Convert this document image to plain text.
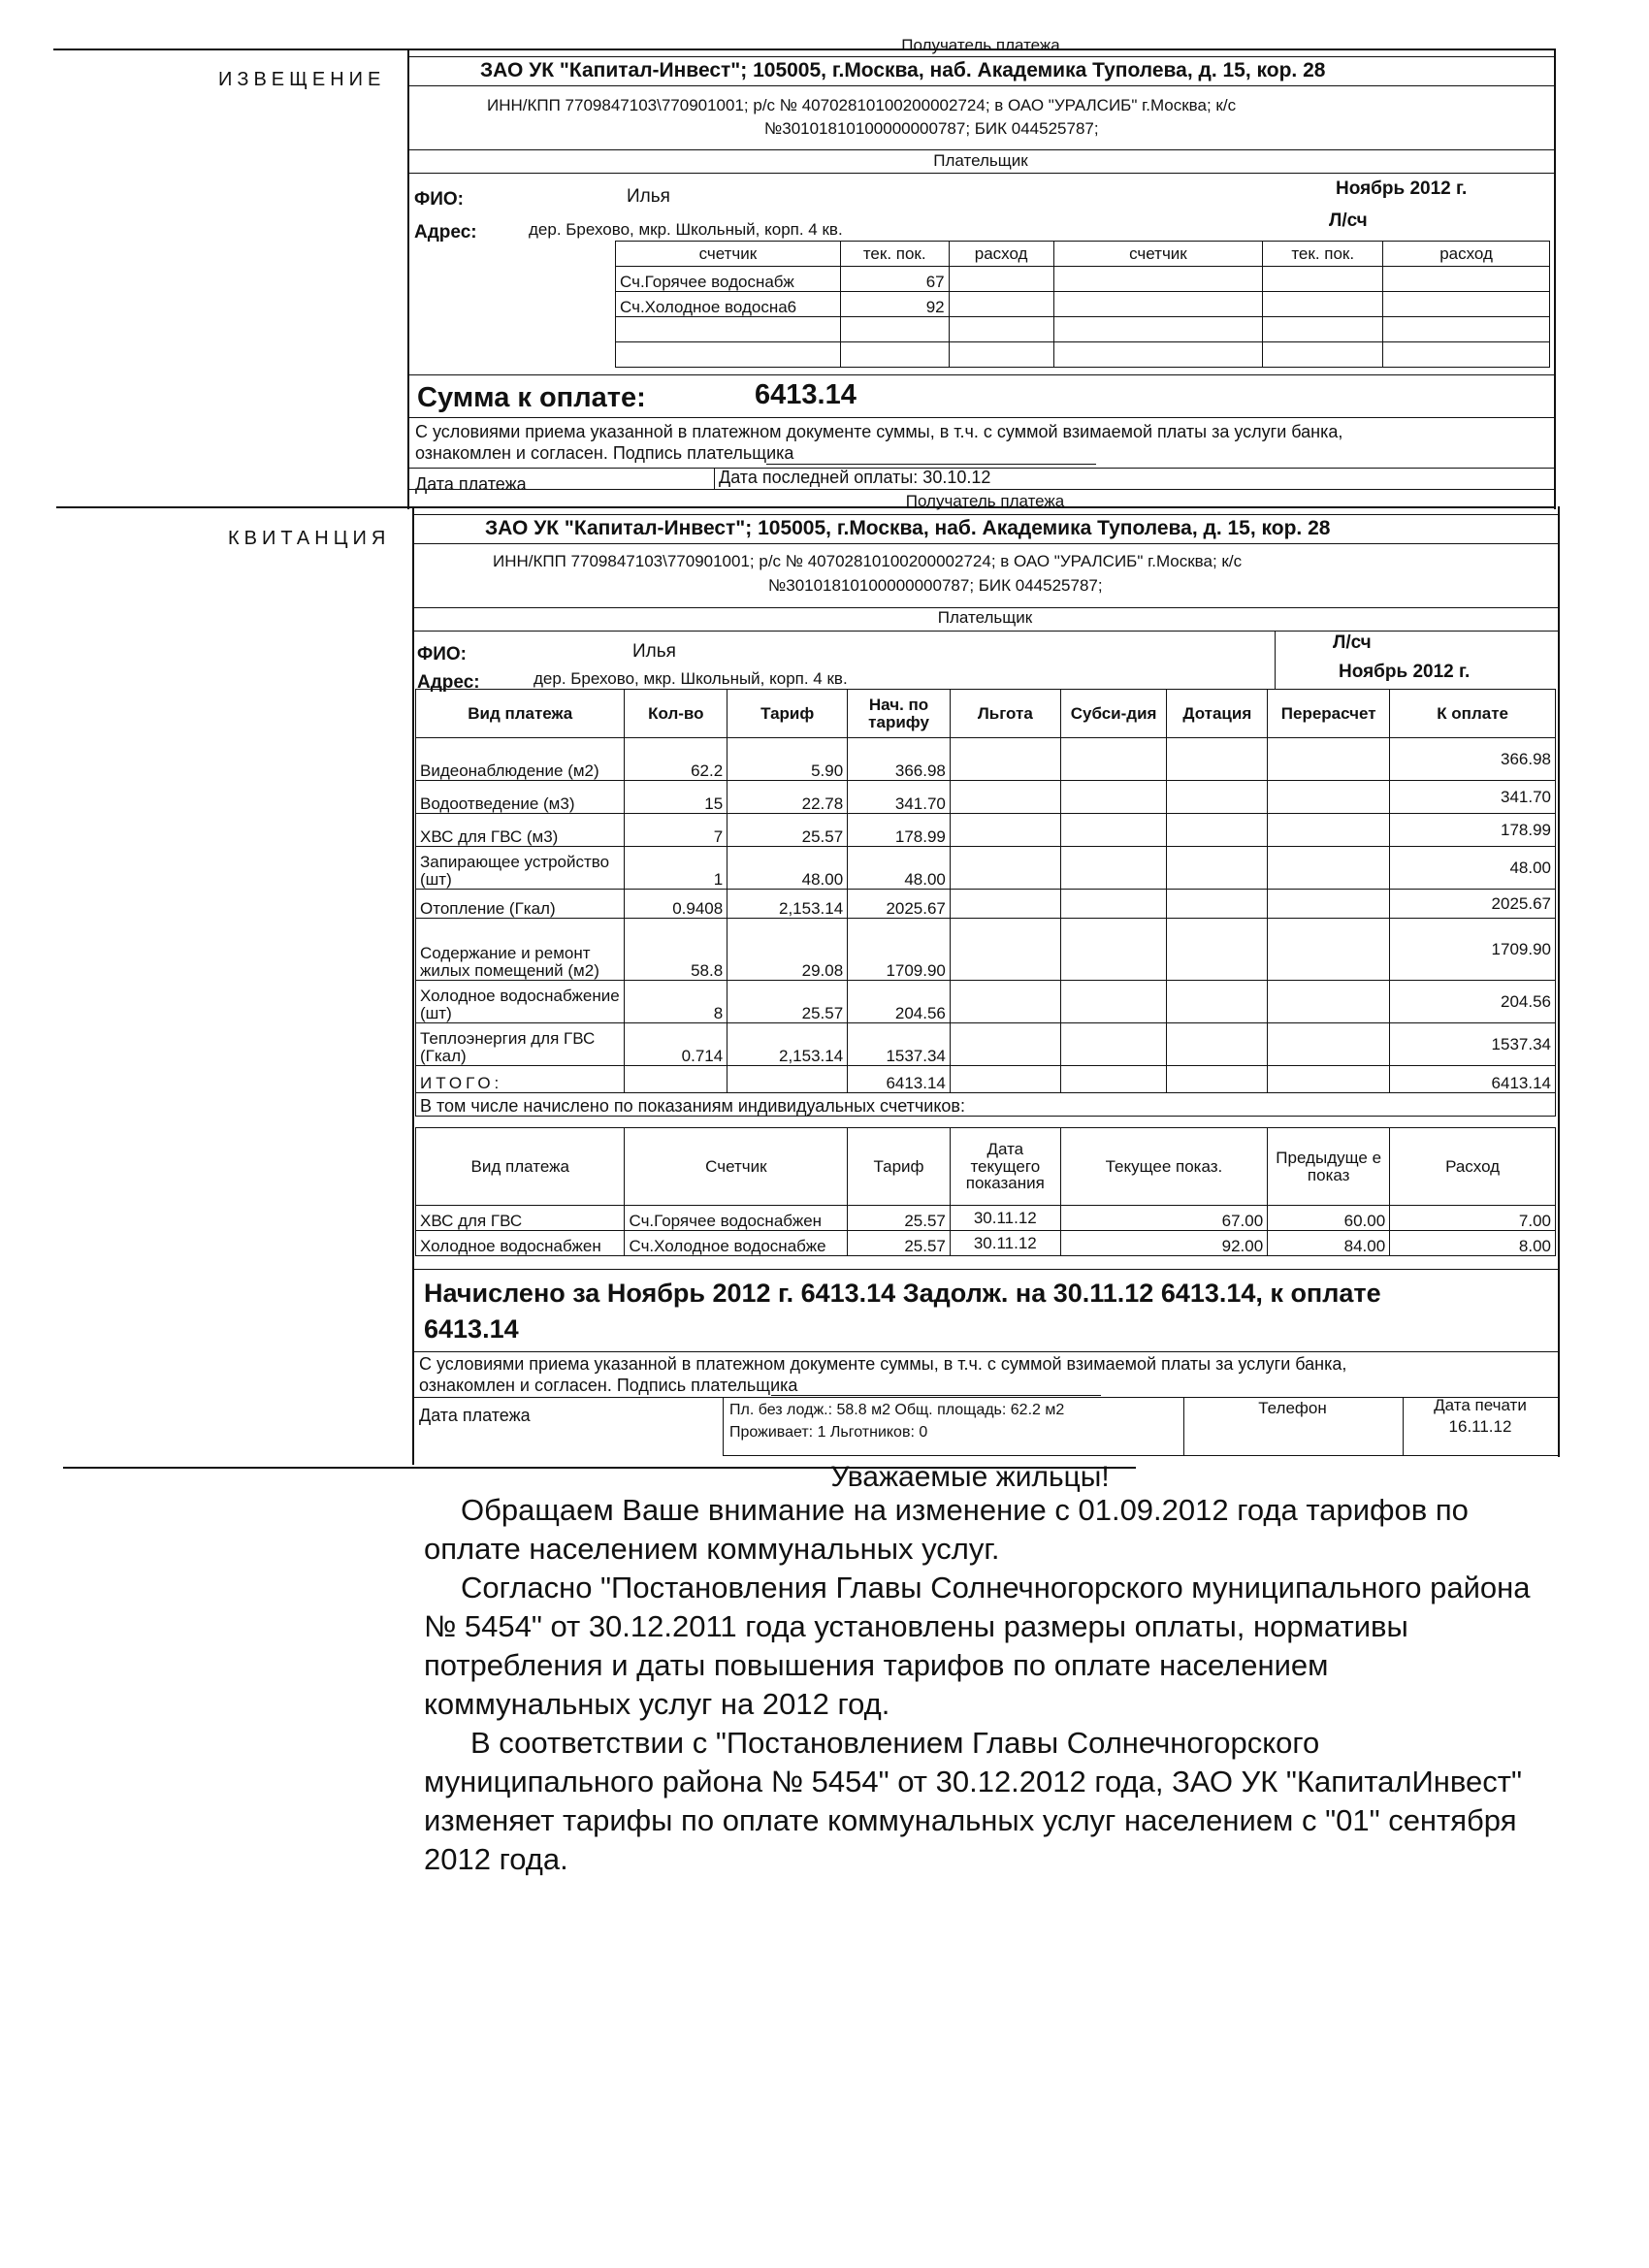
ИЗВЕЩЕНИЕ
Получатель платежа
ЗАО УК "Капитал-Инвест"; 105005, г.Москва, наб. Академика Туполева, д. 15, кор. 28
ИНН/КПП 7709847103\770901001; р/с № 40702810100200002724; в ОАО "УРАЛСИБ" г.Москва; к/с
№30101810100000000787; БИК 044525787;
Плательщик
ФИО:	Илья	Ноябрь 2012 г.
Адрес:	дер. Брехово, мкр. Школьный, корп. 4 кв.	Л/сч
счетчик	тек. пок.	расход	счетчик	тек. пок.	расход
Сч.Горячее водоснабж	67				
Сч.Холодное водосна6	92				

Сумма к оплате:	6413.14
С условиями приема указанной в платежном документе суммы, в т.ч. с суммой взимаемой платы за услуги банка,
ознакомлен и согласен. Подпись плательщика
Дата платежа	Дата последней оплаты: 30.10.12
КВИТАНЦИЯ
Получатель платежа
ЗАО УК "Капитал-Инвест"; 105005, г.Москва, наб. Академика Туполева, д. 15, кор. 28
ИНН/КПП 7709847103\770901001; р/с № 40702810100200002724; в ОАО "УРАЛСИБ" г.Москва; к/с
№30101810100000000787; БИК 044525787;
Плательщик
ФИО:	Илья	Л/сч
Ноябрь 2012 г.
Адрес:	дер. Брехово, мкр. Школьный, корп. 4 кв.
Вид платежа	Кол-во	Тариф	Нач. по тарифу	Льгота	Субси-дия	Дотация	Перерасчет	К оплате
Видеонаблюдение (м2)	62.2	5.90	366.98					366.98
Водоотведение (м3)	15	22.78	341.70					341.70
ХВС для ГВС (м3)	7	25.57	178.99					178.99
Запирающее устройство (шт)	1	48.00	48.00					48.00
Отопление (Гкал)	0.9408	2,153.14	2025.67					2025.67
Содержание и ремонт жилых помещений (м2)	58.8	29.08	1709.90					1709.90
Холодное водоснабжение (шт)	8	25.57	204.56					204.56
Теплоэнергия для ГВС (Гкал)	0.714	2,153.14	1537.34					1537.34
ИТОГО:			6413.14					6413.14
В том числе начислено по показаниям индивидуальных счетчиков:								
Вид платежа	Счетчик	Тариф	Дата текущего показания	Текущее показ.	Предыдуще е показ	Расход
ХВС для ГВС	Сч.Горячее водоснабжен	25.57	30.11.12	67.00	60.00	7.00
Холодное водоснабжен	Сч.Холодное водоснабже	25.57	30.11.12	92.00	84.00	8.00
Начислено за Ноябрь 2012 г. 6413.14 Задолж. на 30.11.12 6413.14, к оплате
6413.14
С условиями приема указанной в платежном документе суммы, в т.ч. с суммой взимаемой платы за услуги банка,
ознакомлен и согласен. Подпись плательщика
Дата платежа	Пл. без лодж.: 58.8 м2 Общ. площадь: 62.2 м2
Проживает: 1 Льготников: 0
Телефон	Дата печати
16.11.12
Уважаемые жильцы!

Обращаем Ваше внимание на изменение с 01.09.2012 года тарифов по оплате населением коммунальных услуг.

Согласно "Постановления Главы Солнечногорского муниципального района № 5454" от 30.12.2011 года установлены размеры оплаты, нормативы потребления и даты повышения тарифов по оплате населением коммунальных услуг на 2012 год.

В соответствии с "Постановлением Главы Солнечногорского муниципального района № 5454" от 30.12.2012 года, ЗАО УК "КапиталИнвест" изменяет тарифы по оплате коммунальных услуг населением с "01" сентября 2012 года.
